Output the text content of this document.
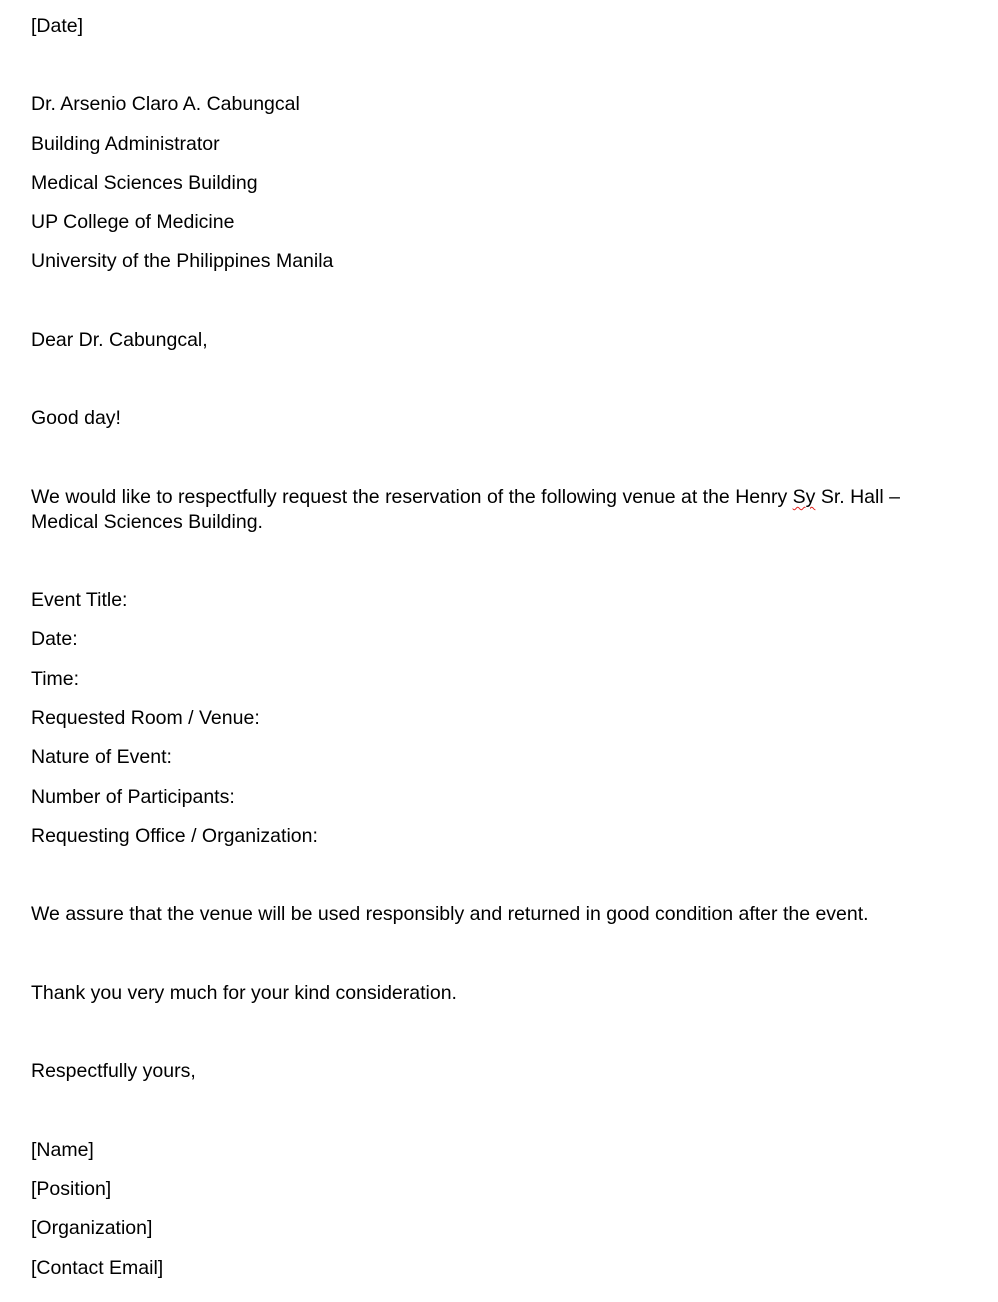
[Date]
Dr. Arsenio Claro A. Cabungcal
Building Administrator
Medical Sciences Building
UP College of Medicine
University of the Philippines Manila
Dear Dr. Cabungcal,
Good day!
We would like to respectfully request the reservation of the following venue at the Henry Sy Sr. Hall – Medical Sciences Building.
Event Title:
Date:
Time:
Requested Room / Venue:
Nature of Event:
Number of Participants:
Requesting Office / Organization:
We assure that the venue will be used responsibly and returned in good condition after the event.
Thank you very much for your kind consideration.
Respectfully yours,
[Name]
[Position]
[Organization]
[Contact Email]
